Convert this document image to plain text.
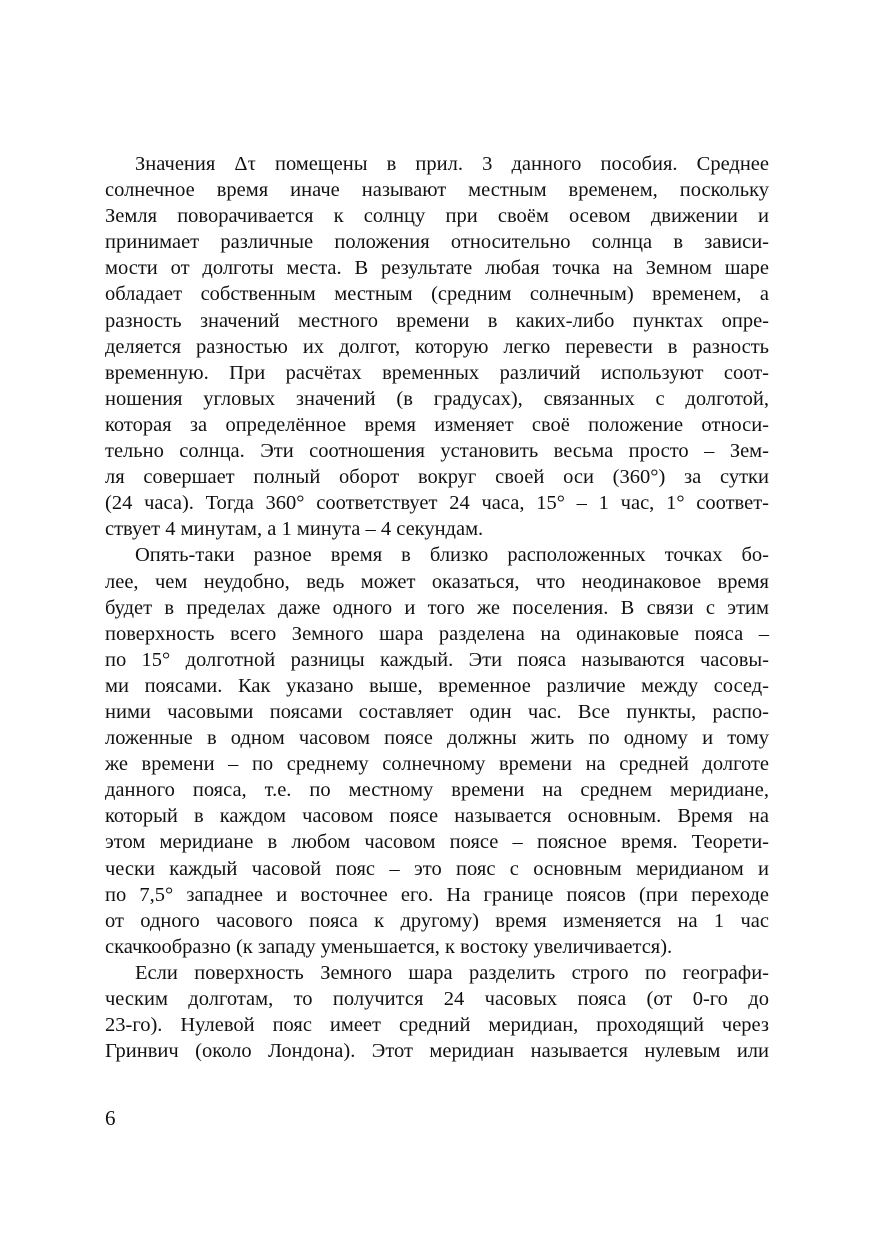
Значения Δτ помещены в прил. 3 данного пособия. Среднее
солнечное время иначе называют местным временем, поскольку
Земля поворачивается к солнцу при своём осевом движении и
принимает различные положения относительно солнца в зависи-
мости от долготы места. В результате любая точка на Земном шаре
обладает собственным местным (средним солнечным) временем, а
разность значений местного времени в каких-либо пунктах опре-
деляется разностью их долгот, которую легко перевести в разность
временную. При расчётах временных различий используют соот-
ношения угловых значений (в градусах), связанных с долготой,
которая за определённое время изменяет своё положение относи-
тельно солнца. Эти соотношения установить весьма просто – Зем-
ля совершает полный оборот вокруг своей оси (360°) за сутки
(24 часа). Тогда 360° соответствует 24 часа, 15° – 1 час, 1° соответ-
ствует 4 минутам, а 1 минута – 4 секундам.
Опять-таки разное время в близко расположенных точках бо-
лее, чем неудобно, ведь может оказаться, что неодинаковое время
будет в пределах даже одного и того же поселения. В связи с этим
поверхность всего Земного шара разделена на одинаковые пояса –
по 15° долготной разницы каждый. Эти пояса называются часовы-
ми поясами. Как указано выше, временное различие между сосед-
ними часовыми поясами составляет один час. Все пункты, распо-
ложенные в одном часовом поясе должны жить по одному и тому
же времени – по среднему солнечному времени на средней долготе
данного пояса, т.е. по местному времени на среднем меридиане,
который в каждом часовом поясе называется основным. Время на
этом меридиане в любом часовом поясе – поясное время. Теорети-
чески каждый часовой пояс – это пояс с основным меридианом и
по 7,5° западнее и восточнее его. На границе поясов (при переходе
от одного часового пояса к другому) время изменяется на 1 час
скачкообразно (к западу уменьшается, к востоку увеличивается).
Если поверхность Земного шара разделить строго по географи-
ческим долготам, то получится 24 часовых пояса (от 0-го до
23-го). Нулевой пояс имеет средний меридиан, проходящий через
Гринвич (около Лондона). Этот меридиан называется нулевым или
6
